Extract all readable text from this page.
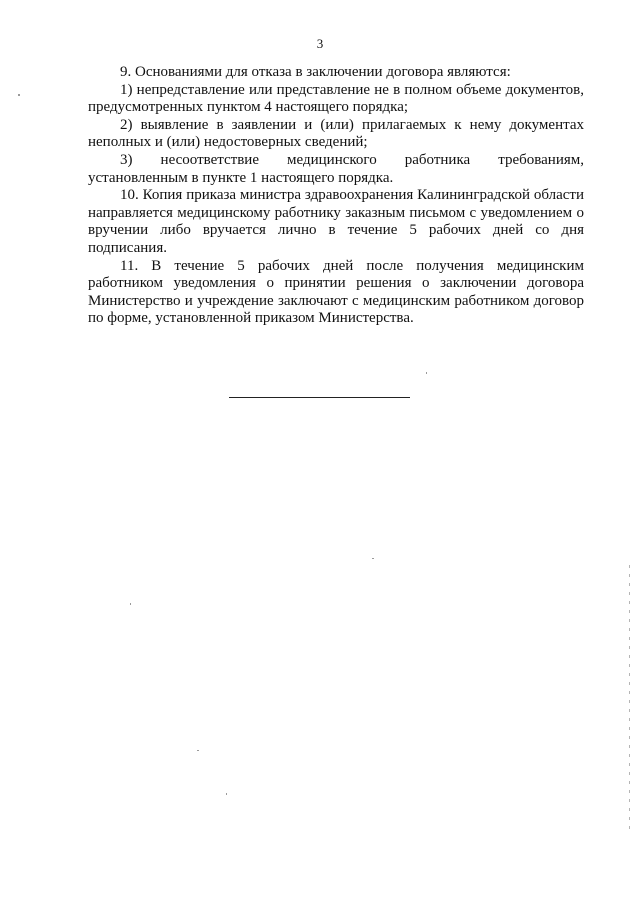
3

9. Основаниями для отказа в заключении договора являются:

1) непредставление или представление не в полном объеме документов, предусмотренных пунктом 4 настоящего порядка;

2) выявление в заявлении и (или) прилагаемых к нему документах неполных и (или) недостоверных сведений;

3) несоответствие медицинского работника требованиям, установленным в пункте 1 настоящего порядка.

10. Копия приказа министра здравоохранения Калининградской области направляется медицинскому работнику заказным письмом с уведомлением о вручении либо вручается лично в течение 5 рабочих дней со дня подписания.

11. В течение 5 рабочих дней после получения медицинским работником уведомления о принятии решения о заключении договора Министерство и учреждение заключают с медицинским работником договор по форме, установленной приказом Министерства.
